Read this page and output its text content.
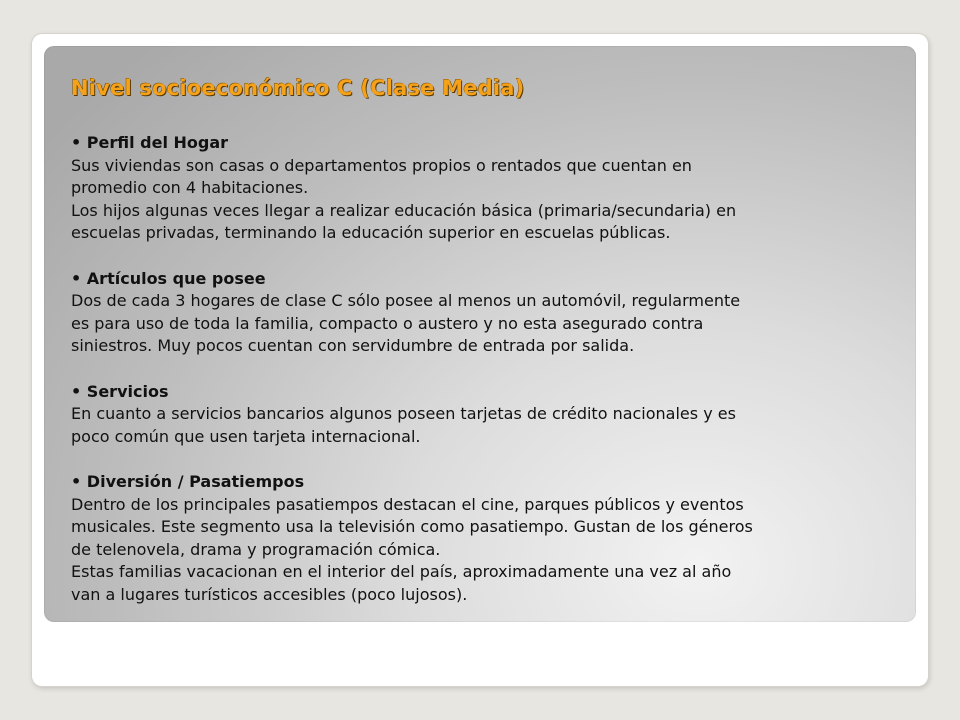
Nivel socioeconómico C (Clase Media)
• Perfil del Hogar
Sus viviendas son casas o departamentos propios o rentados que cuentan en
promedio con 4 habitaciones.
Los hijos algunas veces llegar a realizar educación básica (primaria/secundaria) en
escuelas privadas, terminando la educación superior en escuelas públicas.
• Artículos que posee
Dos de cada 3 hogares de clase C sólo posee al menos un automóvil, regularmente
es para uso de toda la familia, compacto o austero y no esta asegurado contra
siniestros. Muy pocos cuentan con servidumbre de entrada por salida.
• Servicios
En cuanto a servicios bancarios algunos poseen tarjetas de crédito nacionales y es
poco común que usen tarjeta internacional.
• Diversión / Pasatiempos
Dentro de los principales pasatiempos destacan el cine, parques públicos y eventos
musicales. Este segmento usa la televisión como pasatiempo. Gustan de los géneros
de telenovela, drama y programación cómica.
Estas familias vacacionan en el interior del país, aproximadamente una vez al año
van a lugares turísticos accesibles (poco lujosos).
